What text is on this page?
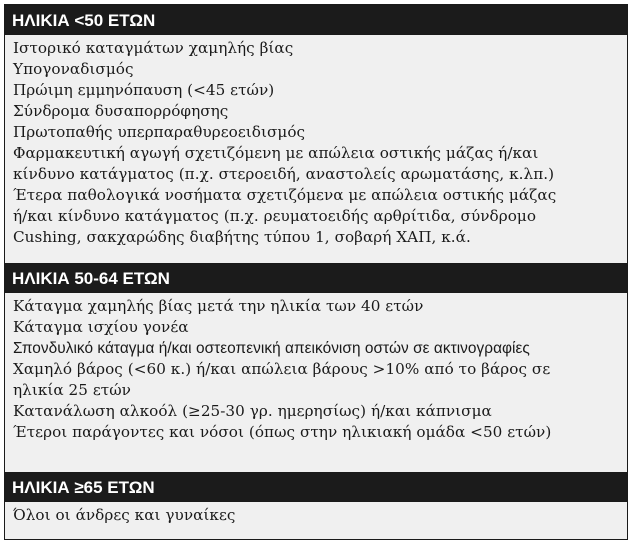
ΗΛΙΚΙΑ <50 ΕΤΩΝ
Ιστορικό καταγμάτων χαμηλής βίας
Υπογοναδισμός
Πρώιμη εμμηνόπαυση (<45 ετών)
Σύνδρομα δυσαπορρόφησης
Πρωτοπαθής υπερπαραθυρεοειδισμός
Φαρμακευτική αγωγή σχετιζόμενη με απώλεια οστικής μάζας ή/και
κίνδυνο κατάγματος (π.χ. στεροειδή, αναστολείς αρωματάσης, κ.λπ.)
Έτερα παθολογικά νοσήματα σχετιζόμενα με απώλεια οστικής μάζας
ή/και κίνδυνο κατάγματος (π.χ. ρευματοειδής αρθρίτιδα, σύνδρομο
Cushing, σακχαρώδης διαβήτης τύπου 1, σοβαρή ΧΑΠ, κ.ά.
ΗΛΙΚΙΑ 50-64 ΕΤΩΝ
Κάταγμα χαμηλής βίας μετά την ηλικία των 40 ετών
Κάταγμα ισχίου γονέα
Σπονδυλικό κάταγμα ή/και οστεοπενική απεικόνιση οστών σε ακτινογραφίες
Χαμηλό βάρος (<60 κ.) ή/και απώλεια βάρους >10% από το βάρος σε
ηλικία 25 ετών
Κατανάλωση αλκοόλ (≥25-30 γρ. ημερησίως) ή/και κάπνισμα
Έτεροι παράγοντες και νόσοι (όπως στην ηλικιακή ομάδα <50 ετών)
ΗΛΙΚΙΑ ≥65 ΕΤΩΝ
Όλοι οι άνδρες και γυναίκες
